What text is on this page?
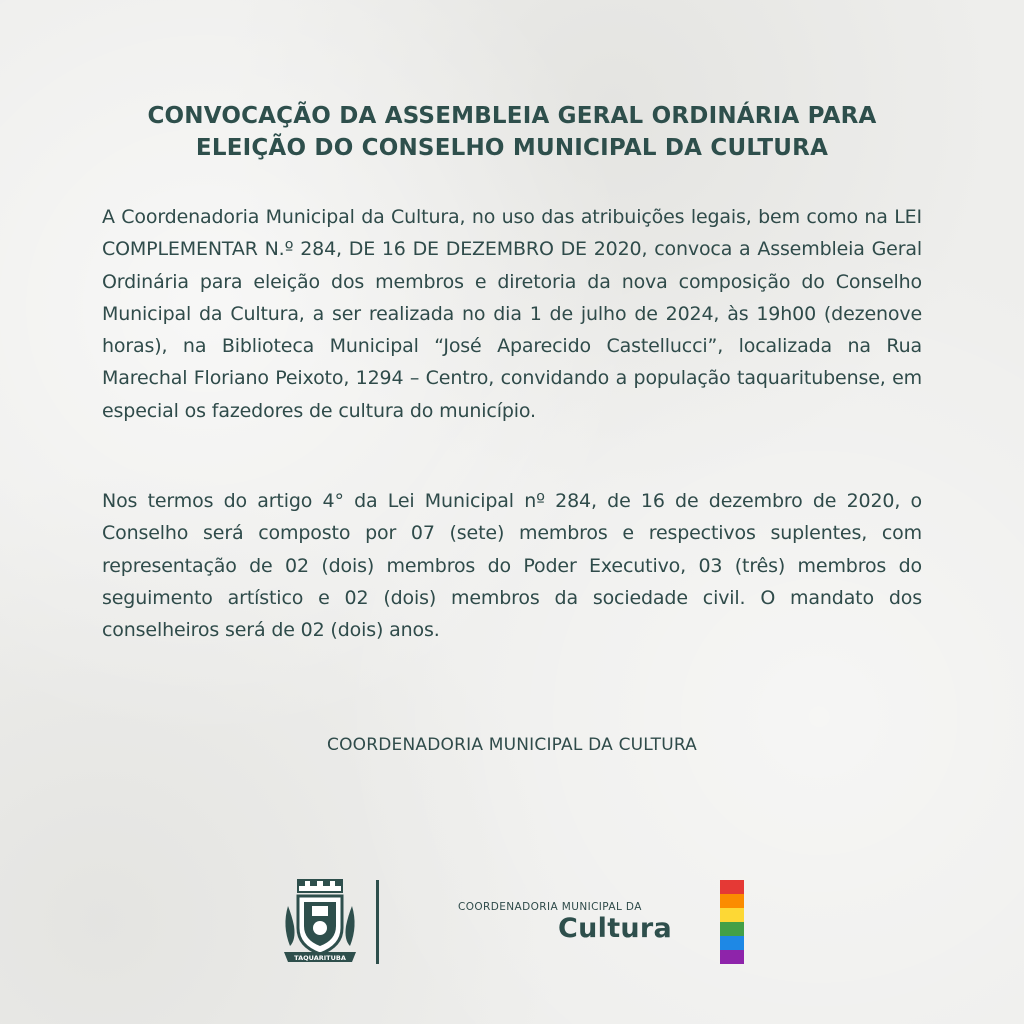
CONVOCAÇÃO DA ASSEMBLEIA GERAL ORDINÁRIA PARA
ELEIÇÃO DO CONSELHO MUNICIPAL DA CULTURA

A Coordenadoria Municipal da Cultura, no uso das atribuições legais, bem como na LEI COMPLEMENTAR N.º 284, DE 16 DE DEZEMBRO DE 2020, convoca a Assembleia Geral Ordinária para eleição dos membros e diretoria da nova composição do Conselho Municipal da Cultura, a ser realizada no dia 1 de julho de 2024, às 19h00 (dezenove horas), na Biblioteca Municipal “José Aparecido Castellucci”, localizada na Rua Marechal Floriano Peixoto, 1294 – Centro, convidando a população taquaritubense, em especial os fazedores de cultura do município.

Nos termos do artigo 4° da Lei Municipal nº 284, de 16 de dezembro de 2020, o Conselho será composto por 07 (sete) membros e respectivos suplentes, com representação de 02 (dois) membros do Poder Executivo, 03 (três) membros do seguimento artístico e 02 (dois) membros da sociedade civil. O mandato dos conselheiros será de 02 (dois) anos.

COORDENADORIA MUNICIPAL DA CULTURA

TAQUARITUBA
COORDENADORIA MUNICIPAL DA
Cultura
